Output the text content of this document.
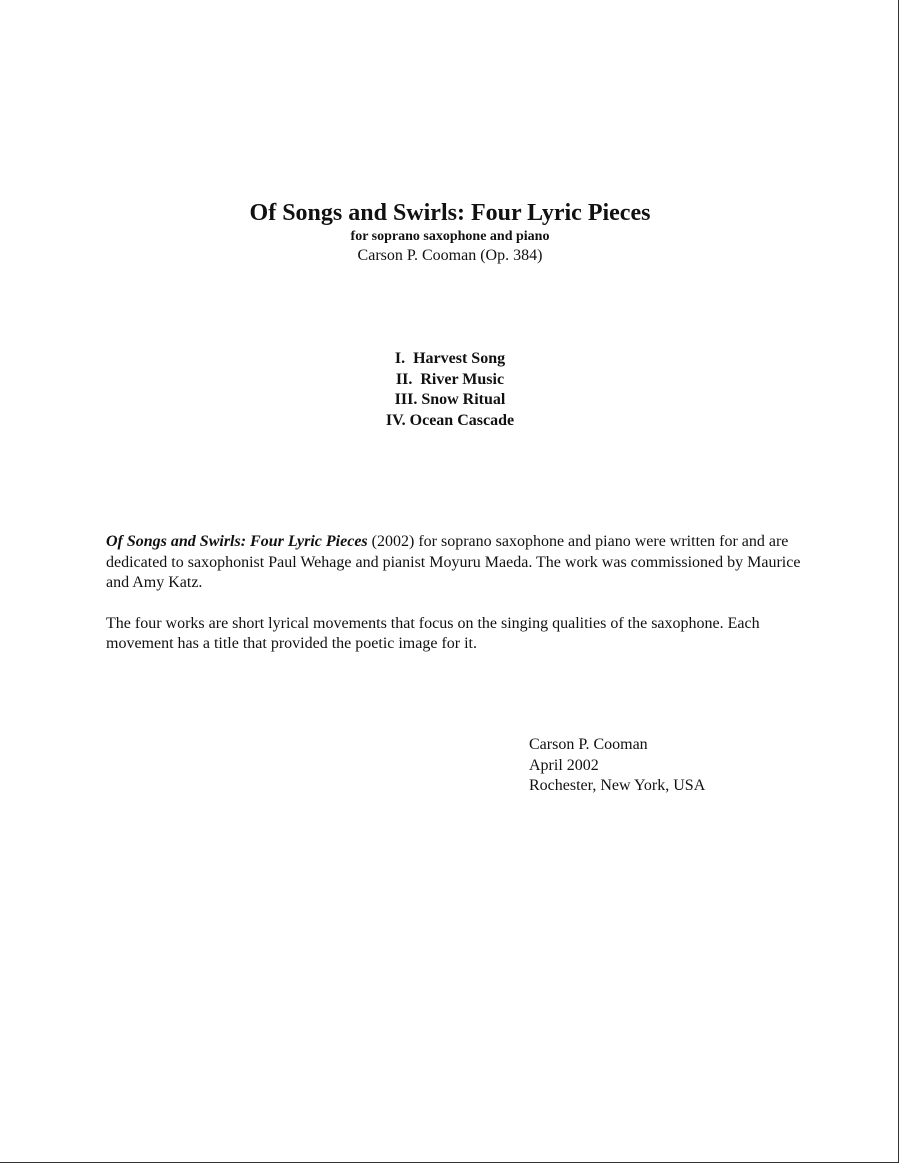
Of Songs and Swirls: Four Lyric Pieces
for soprano saxophone and piano
Carson P. Cooman (Op. 384)
I.  Harvest Song
II.  River Music
III. Snow Ritual
IV. Ocean Cascade

Of Songs and Swirls: Four Lyric Pieces (2002) for soprano saxophone and piano were written for and are dedicated to saxophonist Paul Wehage and pianist Moyuru Maeda. The work was commissioned by Maurice and Amy Katz.

The four works are short lyrical movements that focus on the singing qualities of the saxophone. Each movement has a title that provided the poetic image for it.

Carson P. Cooman
April 2002
Rochester, New York, USA
